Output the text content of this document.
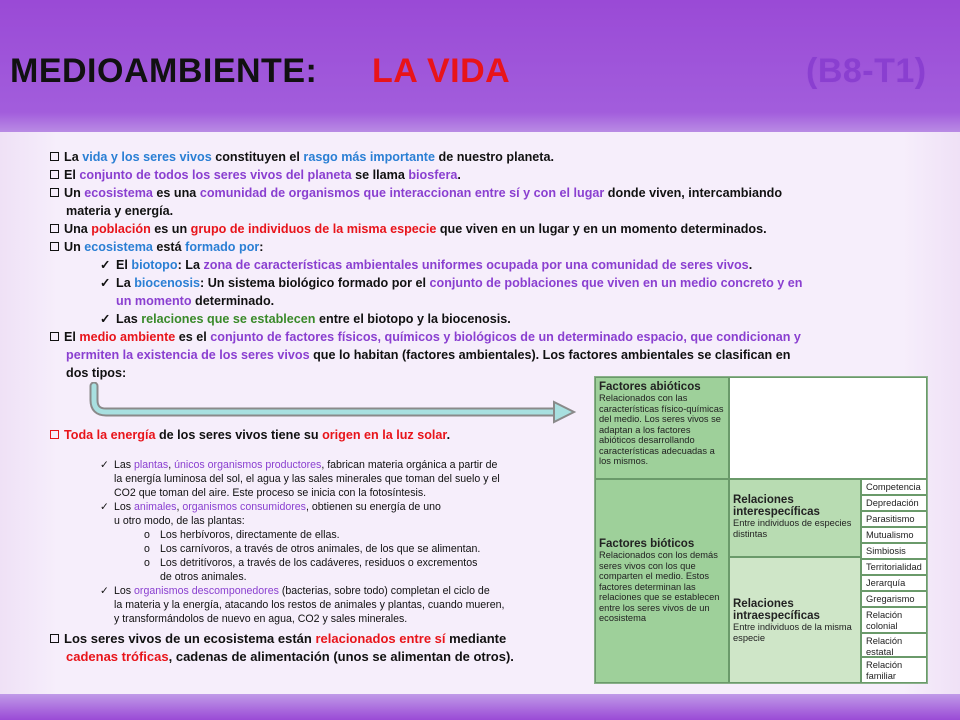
MEDIOAMBIENTE: LA VIDA	(B8-T1)
La vida y los seres vivos constituyen el rasgo más importante de nuestro planeta.
El conjunto de todos los seres vivos del planeta se llama biosfera.
Un ecosistema es una comunidad de organismos que interaccionan entre sí y con el lugar donde viven, intercambiando
materia y energía.
Una población es un grupo de individuos de la misma especie que viven en un lugar y en un momento determinados.
Un ecosistema está formado por:
✓ El biotopo: La zona de características ambientales uniformes ocupada por una comunidad de seres vivos.
✓ La biocenosis: Un sistema biológico formado por el conjunto de poblaciones que viven en un medio concreto y en
un momento determinado.
✓ Las relaciones que se establecen entre el biotopo y la biocenosis.
El medio ambiente es el conjunto de factores físicos, químicos y biológicos de un determinado espacio, que condicionan y
permiten la existencia de los seres vivos que lo habitan (factores ambientales). Los factores ambientales se clasifican en
dos tipos:
Toda la energía de los seres vivos tiene su origen en la luz solar.
✓ Las plantas, únicos organismos productores, fabrican materia orgánica a partir de
la energía luminosa del sol, el agua y las sales minerales que toman del suelo y el
CO2 que toman del aire. Este proceso se inicia con la fotosíntesis.
✓ Los animales, organismos consumidores, obtienen su energía de uno
u otro modo, de las plantas:
o Los herbívoros, directamente de ellas.
o Los carnívoros, a través de otros animales, de los que se alimentan.
o Los detritívoros, a través de los cadáveres, residuos o excrementos
de otros animales.
✓ Los organismos descomponedores (bacterias, sobre todo) completan el ciclo de
la materia y la energía, atacando los restos de animales y plantas, cuando mueren,
y transformándolos de nuevo en agua, CO2 y sales minerales.
Los seres vivos de un ecosistema están relacionados entre sí mediante
cadenas tróficas, cadenas de alimentación (unos se alimentan de otros).
Factores abióticos
Relacionados con las características físico-químicas del medio. Los seres vivos se adaptan a los factores abióticos desarrollando características adecuadas a los mismos.
Factores bióticos
Relacionados con los demás seres vivos con los que comparten el medio. Estos factores determinan las relaciones que se establecen entre los seres vivos de un ecosistema
Relaciones interespecíficas
Entre individuos de especies distintas
Relaciones intraespecíficas
Entre individuos de la misma especie
Competencia
Depredación
Parasitismo
Mutualismo
Simbiosis
Territorialidad
Jerarquía
Gregarismo
Relación colonial
Relación estatal
Relación familiar
